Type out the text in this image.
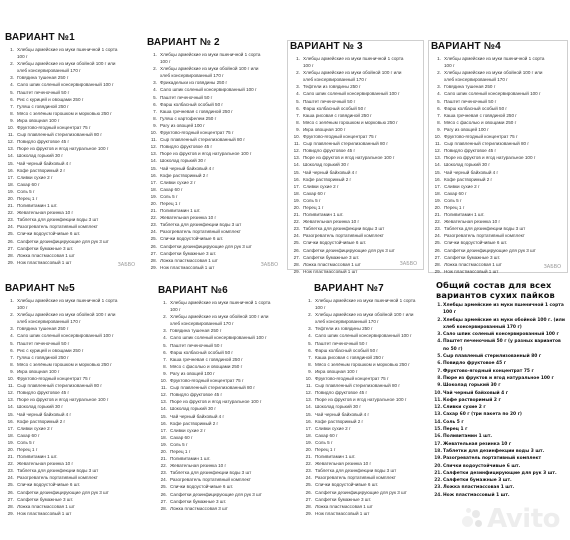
ВАРИАНТ №1
1. Хлебцы армейские из муки пшеничной 1 сорта
100 г
2. Хлебцы армейские из муки обойной 100 г или
хлеб консервированный 170 г
3. Говядина тушеная 250 г
4. Сало шпик соленый консервированный 100 г
5. Паштет печеночный 50 г
6. Рис с курицей и овощами 250 г
7. Гуляш с говядиной 250 г
8. Мясо с зелёным горошком и морковью 250 г
9. Икра овощная 100 г
10. Фруктово-ягодный концентрат 75 г
11. Сыр плавленный стерилизованный 80 г
12. Повидло фруктовое 45 г
13. Пюре из фруктов и ягод натуральное 100 г
14. Шоколад горький 30 г
15. Чай черный байховый 4 г
16. Кофе растворимый 2 г
17. Сливки сухие 2 г
18. Сахар 60 г
19. Соль 5 г
20. Перец 1 г
21. Поливитамин 1 шт.
22. Жевательная резинка 10 г
23. Таблетка для дезинфекции воды 3 шт
24. Разогреватель портативный комплект
25. Спички водоустойчивые 6 шт.
26. Салфетки дезинфицирующие для рук 3 шт
27. Салфетки бумажные 3 шт.
28. Ложка пластмассовая 1 шт
29. Нож пластмассовый 1 шт	ЗАБВО
ВАРИАНТ № 2
1. Хлебцы армейские из муки пшеничной 1 сорта
100 г
2. Хлебцы армейские из муки обойной 100 г или
хлеб консервированный 170 г
3. Фрикадельки из говядины 250 г
4. Сало шпик соленый консервированный 100 г
5. Паштет печеночный 50 г
6. Фарш колбасный особый 50 г
7. Каша гречневая с говядиной 250 г
8. Гуляш с картофелем 250 г
9. Рагу из овощей 100 г
10. Фруктово-ягодный концентрат 75 г
11. Сыр плавленный стерилизованный 80 г
12. Повидло фруктовое 45 г
13. Пюре из фруктов и ягод натуральное 100 г
14. Шоколад горький 30 г
15. Чай черный байховый 4 г
16. Кофе растворимый 2 г
17. Сливки сухие 2 г
18. Сахар 60 г
19. Соль 5 г
20. Перец 1 г
21. Поливитамин 1 шт.
22. Жевательная резинка 10 г
23. Таблетка для дезинфекции воды 3 шт
24. Разогреватель портативный комплект
25. Спички водоустойчивые 6 шт.
26. Салфетки дезинфицирующие для рук 3 шт
27. Салфетки бумажные 3 шт.
28. Ложка пластмассовая 1 шт
29. Нож пластмассовый 1 шт	ЗАБВО
ВАРИАНТ № 3
1. Хлебцы армейские из муки пшеничной 1 сорта
100 г
2. Хлебцы армейские из муки обойной 100 г или
хлеб консервированный 170 г
3. Тефтели из говядины 250 г
4. Сало шпик соленый консервированный 100 г
5. Паштет печеночный 50 г
6. Фарш колбасный особый 50 г
7. Каша рисовая с говядиной 250 г
8. Мясо с зелёным горошком и морковью 250 г
9. Икра овощная 100 г
10. Фруктово-ягодный концентрат 75 г
11. Сыр плавленный стерилизованный 80 г
12. Повидло фруктовое 45 г
13. Пюре из фруктов и ягод натуральное 100 г
14. Шоколад горький 30 г
15. Чай черный байховый 4 г
16. Кофе растворимый 2 г
17. Сливки сухие 2 г
18. Сахар 60 г
19. Соль 5 г
20. Перец 1 г
21. Поливитамин 1 шт.
22. Жевательная резинка 10 г
23. Таблетка для дезинфекции воды 3 шт
24. Разогреватель портативный комплект
25. Спички водоустойчивые 6 шт.
26. Салфетки дезинфицирующие для рук 3 шт
27. Салфетки бумажные 3 шт.
28. Ложка пластмассовая 1 шт
29. Нож пластмассовый 1 шт
ЗАБВО
ВАРИАНТ №4
1. Хлебцы армейские из муки пшеничной 1 сорта
100 г
2. Хлебцы армейские из муки обойной 100 г или
хлеб консервированный 170 г
3. Говядина тушеная 250 г
4. Сало шпик соленый консервированный 100 г
5. Паштет печеночный 50 г
6. Фарш колбасный особый 50 г
7. Каша гречневая с говядиной 250 г
8. Мясо с фасолью и овощами 250 г
9. Рагу из овощей 100 г
10. Фруктово-ягодный концентрат 75 г
11. Сыр плавленный стерилизованный 80 г
12. Повидло фруктовое 45 г
13. Пюре из фруктов и ягод натуральное 100 г
14. Шоколад горький 30 г
15. Чай черный байховый 4 г
16. Кофе растворимый 2 г
17. Сливки сухие 2 г
18. Сахар 60 г
19. Соль 5 г
20. Перец 1 г
21. Поливитамин 1 шт.
22. Жевательная резинка 10 г
23. Таблетка для дезинфекции воды 3 шт
24. Разогреватель портативный комплект
25. Спички водоустойчивые 6 шт.
26. Салфетки дезинфицирующие для рук 3 шт
27. Салфетки бумажные 3 шт.
28. Ложка пластмассовая 1 шт
29. Нож пластмассовый 1 шт
ЗАБВО
ВАРИАНТ №5
1. Хлебцы армейские из муки пшеничной 1 сорта
100 г
2. Хлебцы армейские из муки обойной 100 г или
хлеб консервированный 170 г
3. Говядина тушеная 250 г
4. Сало шпик соленый консервированный 100 г
5. Паштет печеночный 50 г
6. Рис с курицей и овощами 250 г
7. Гуляш с говядиной 250 г
8. Мясо с зелёным горошком и морковью 250 г
9. Икра овощная 100 г
10. Фруктово-ягодный концентрат 75 г
11. Сыр плавленный стерилизованный 80 г
12. Повидло фруктовое 45 г
13. Пюре из фруктов и ягод натуральное 100 г
14. Шоколад горький 30 г
15. Чай черный байховый 4 г
16. Кофе растворимый 2 г
17. Сливки сухие 2 г
18. Сахар 60 г
19. Соль 5 г
20. Перец 1 г
21. Поливитамин 1 шт.
22. Жевательная резинка 10 г
23. Таблетка для дезинфекции воды 3 шт
24. Разогреватель портативный комплект
25. Спички водоустойчивые 6 шт.
26. Салфетки дезинфицирующие для рук 3 шт
27. Салфетки бумажные 3 шт.
28. Ложка пластмассовая 1 шт
29. Нож пластмассовый 1 шт
ВАРИАНТ №6
1. Хлебцы армейские из муки пшеничной 1 сорта
100 г
2. Хлебцы армейские из муки обойной 100 г или
хлеб консервированный 170 г
3. Говядина тушеная 250 г
4. Сало шпик соленый консервированный 100 г
5. Паштет печеночный 50 г
6. Фарш колбасный особый 50 г
7. Каша гречневая с говядиной 250 г
8. Мясо с фасолью и овощами 250 г
9. Рагу из овощей 100 г
10. Фруктово-ягодный концентрат 75 г
11. Сыр плавленный стерилизованный 80 г
12. Повидло фруктовое 45 г
13. Пюре из фруктов и ягод натуральное 100 г
14. Шоколад горький 30 г
15. Чай черный байховый 4 г
16. Кофе растворимый 2 г
17. Сливки сухие 2 г
18. Сахар 60 г
19. Соль 5 г
20. Перец 1 г
21. Поливитамин 1 шт.
22. Жевательная резинка 10 г
23. Таблетка для дезинфекции воды 3 шт
24. Разогреватель портативный комплект
25. Спички водоустойчивые 6 шт.
26. Салфетки дезинфицирующие для рук 3 шт
27. Салфетки бумажные 3 шт.
28. Ложка пластмассовая 3 шт
ВАРИАНТ №7
1. Хлебцы армейские из муки пшеничной 1 сорта
100 г
2. Хлебцы армейские из муки обойной 100 г или
хлеб консервированный 170 г
3. Тефтели из говядины 250 г
4. Сало шпик соленый консервированный 100 г
5. Паштет печеночный 50 г
6. Фарш колбасный особый 50 г
7. Каша рисовая с говядиной 250 г
8. Мясо с зелёным горошком и морковью 250 г
9. Икра овощная 100 г
10. Фруктово-ягодный концентрат 75 г
11. Сыр плавленный стерилизованный 80 г
12. Повидло фруктовое 45 г
13. Пюре из фруктов и ягод натуральное 100 г
14. Шоколад горький 30 г
15. Чай черный байховый 4 г
16. Кофе растворимый 2 г
17. Сливки сухие 2 г
18. Сахар 60 г
19. Соль 5 г
20. Перец 1 г
21. Поливитамин 1 шт.
22. Жевательная резинка 10 г
23. Таблетка для дезинфекции воды 3 шт
24. Разогреватель портативный комплект
25. Спички водоустойчивые 6 шт.
26. Салфетки дезинфицирующие для рук 3 шт
27. Салфетки бумажные 3 шт.
28. Ложка пластмассовая 1 шт
29. Нож пластмассовый 1 шт
Общий состав для всех вариантов сухих пайков
1. Хлебцы армейские из муки пшеничной 1 сорта
100 г
2. Хлебцы армейские из муки обойной 100 г. (или
хлеб консервированный 170 г)
3. Сало шпик соленый консервированный 100 г
4. Паштет печеночный 50 г (у разных вариантов
по 50 г)
5. Сыр плавленый стерилизованный 80 г
6. Повидло фруктовое 45 г
7. Фруктово-ягодный концентрат 75 г
8. Пюре из фруктов и ягод натуральное 100 г
9. Шоколад горький 30 г
10. Чай черный байховый 4 г
11. Кофе растворимый 2 г
12. Сливки сухие 2 г
13. Сахар 60 г (три пакета по 20 г)
14. Соль 5 г
15. Перец 1 г
16. Поливитамин 1 шт.
17. Жевательная резинка 10 г
18. Таблетки для дезинфекции воды 3 шт.
19. Разогреватель портативный комплект
20. Спички водоустойчивые 6 шт.
21. Салфетки дезинфицирующие для рук 3 шт.
22. Салфетки бумажные 3 шт.
23. Ложка пластмассовая 1 шт.
24. Нож пластмассовый 1 шт.
Avito
